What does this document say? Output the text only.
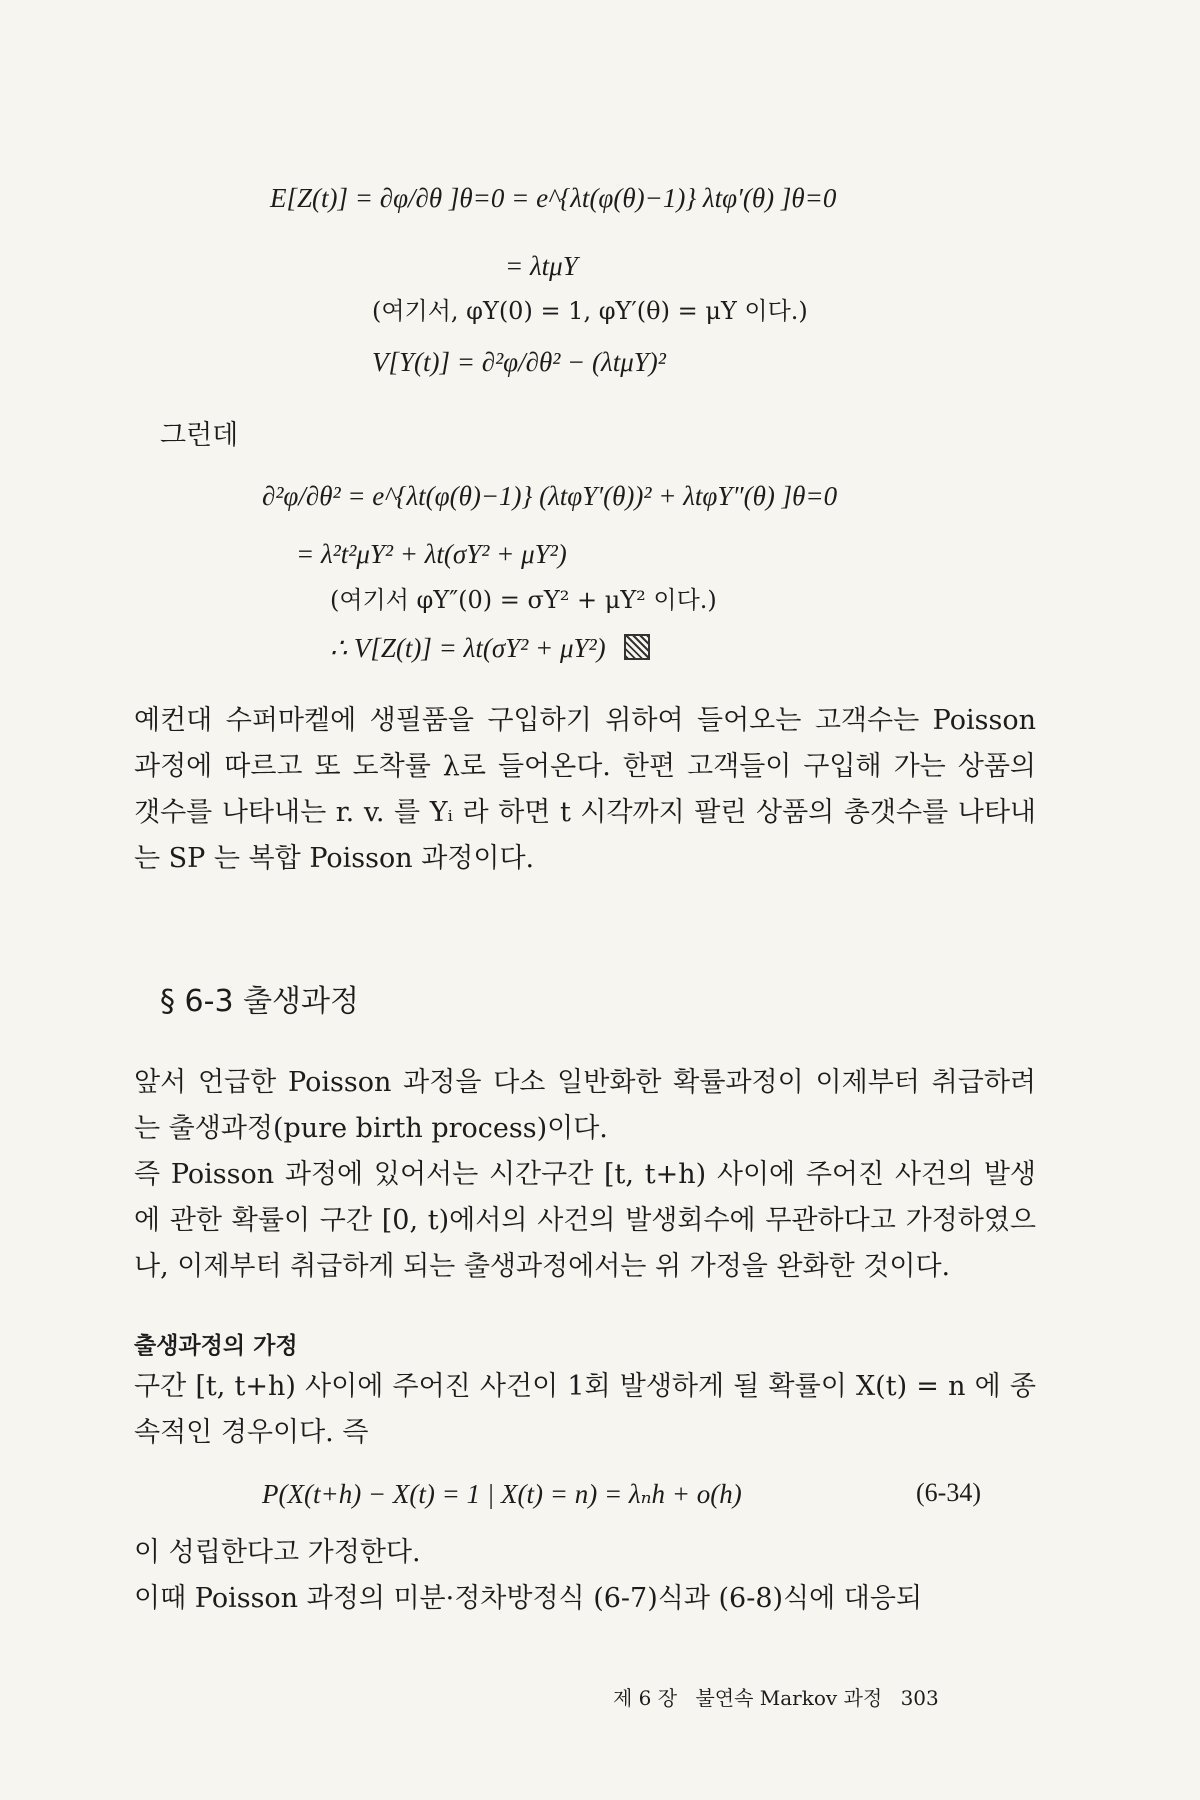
E[Z(t)] = ∂φ/∂θ ]θ=0 = e^{λt(φ(θ)−1)} λtφ′(θ) ]θ=0
= λtμY
(여기서, φY(0) = 1, φY′(θ) = μY 이다.)
V[Y(t)] = ∂²φ/∂θ² − (λtμY)²
그런데
∂²φ/∂θ² = e^{λt(φ(θ)−1)} (λtφY′(θ))² + λtφY″(θ) ]θ=0
= λ²t²μY² + λt(σY² + μY²)
(여기서 φY″(0) = σY² + μY² 이다.)
∴ V[Z(t)] = λt(σY² + μY²)

예컨대 수퍼마켙에 생필품을 구입하기 위하여 들어오는 고객수는 Poisson 과정에 따르고 또 도착률 λ로 들어온다. 한편 고객들이 구입해 가는 상품의 갯수를 나타내는 r. v. 를 Yᵢ 라 하면 t 시각까지 팔린 상품의 총갯수를 나타내는 SP 는 복합 Poisson 과정이다.

§ 6-3 출생과정

앞서 언급한 Poisson 과정을 다소 일반화한 확률과정이 이제부터 취급하려는 출생과정(pure birth process)이다.

즉 Poisson 과정에 있어서는 시간구간 [t, t+h) 사이에 주어진 사건의 발생에 관한 확률이 구간 [0, t)에서의 사건의 발생회수에 무관하다고 가정하였으나, 이제부터 취급하게 되는 출생과정에서는 위 가정을 완화한 것이다.

출생과정의 가정

구간 [t, t+h) 사이에 주어진 사건이 1회 발생하게 될 확률이 X(t) = n 에 종속적인 경우이다. 즉

P(X(t+h) − X(t) = 1 | X(t) = n) = λₙh + o(h)	(6-34)

이 성립한다고 가정한다.

이때 Poisson 과정의 미분·정차방정식 (6-7)식과 (6-8)식에 대응되

제 6 장 불연속 Markov 과정 303
